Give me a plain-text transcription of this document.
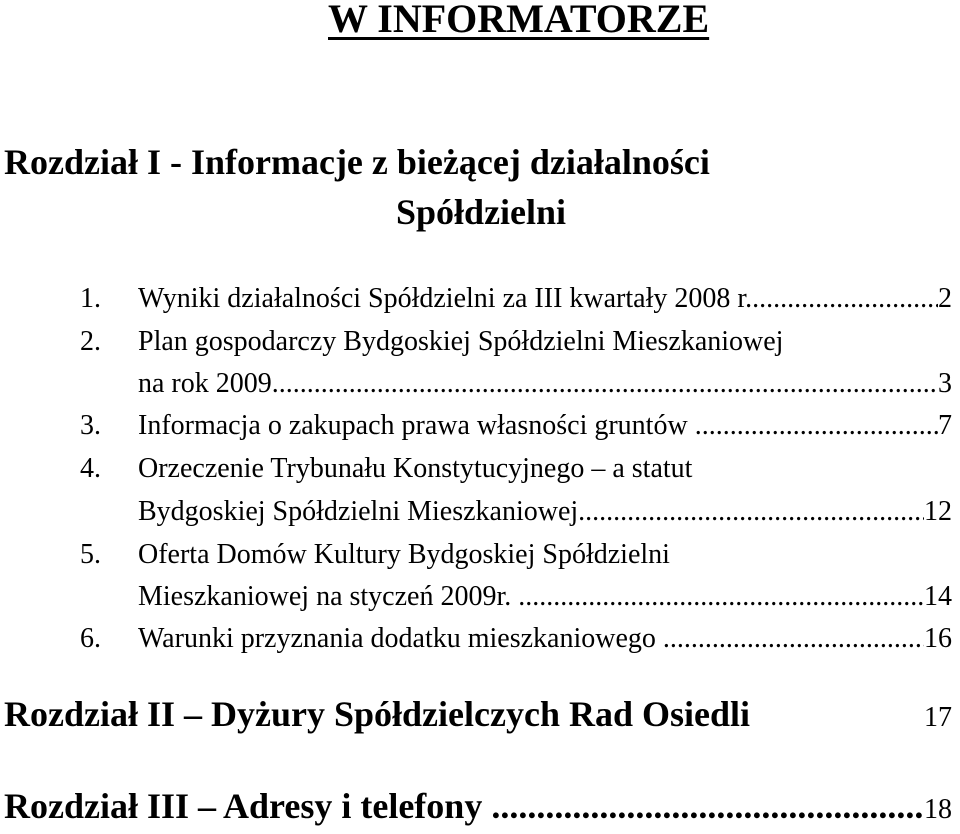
W INFORMATORZE
Rozdział I - Informacje z bieżącej działalności
Spółdzielni
1.	Wyniki działalności Spółdzielni za III kwartały 2008 r. .....	2
2.	Plan gospodarczy Bydgoskiej Spółdzielni Mieszkaniowej
na rok 2009 .....	3
3.	Informacja o zakupach prawa własności gruntów .....	7
4.	Orzeczenie Trybunału Konstytucyjnego – a statut
Bydgoskiej Spółdzielni Mieszkaniowej .....	12
5.	Oferta Domów Kultury Bydgoskiej Spółdzielni
Mieszkaniowej na styczeń 2009r. .....	14
6.	Warunki przyznania dodatku mieszkaniowego .....	16
Rozdział II – Dyżury Spółdzielczych Rad Osiedli	17
Rozdział III – Adresy i telefony .....	18
